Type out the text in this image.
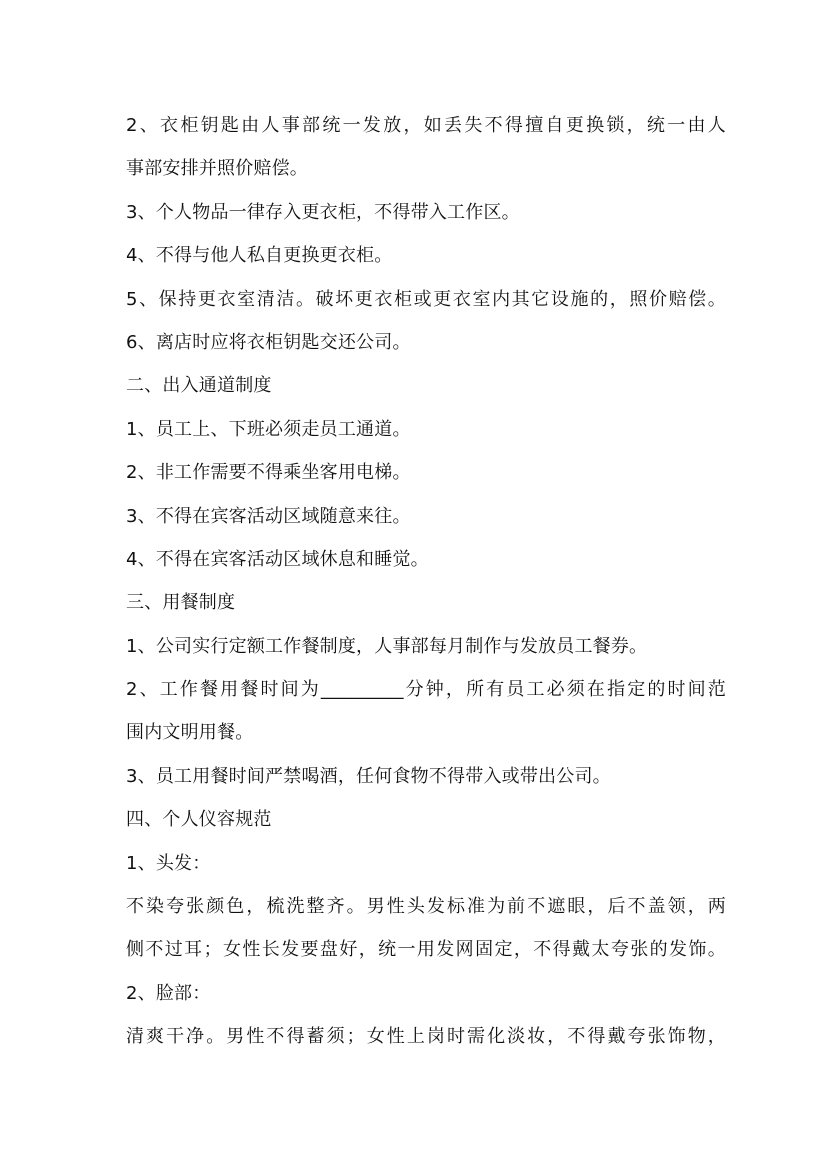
2、衣柜钥匙由人事部统一发放，如丢失不得擅自更换锁，统一由人
事部安排并照价赔偿。
3、个人物品一律存入更衣柜，不得带入工作区。
4、不得与他人私自更换更衣柜。
5、保持更衣室清洁。破坏更衣柜或更衣室内其它设施的，照价赔偿。
6、离店时应将衣柜钥匙交还公司。
二、出入通道制度
1、员工上、下班必须走员工通道。
2、非工作需要不得乘坐客用电梯。
3、不得在宾客活动区域随意来往。
4、不得在宾客活动区域休息和睡觉。
三、用餐制度
1、公司实行定额工作餐制度，人事部每月制作与发放员工餐券。
2、工作餐用餐时间为_________分钟，所有员工必须在指定的时间范
围内文明用餐。
3、员工用餐时间严禁喝酒，任何食物不得带入或带出公司。
四、个人仪容规范
1、头发：
不染夸张颜色，梳洗整齐。男性头发标准为前不遮眼，后不盖领，两
侧不过耳；女性长发要盘好，统一用发网固定，不得戴太夸张的发饰。
2、脸部：
清爽干净。男性不得蓄须；女性上岗时需化淡妆，不得戴夸张饰物，
